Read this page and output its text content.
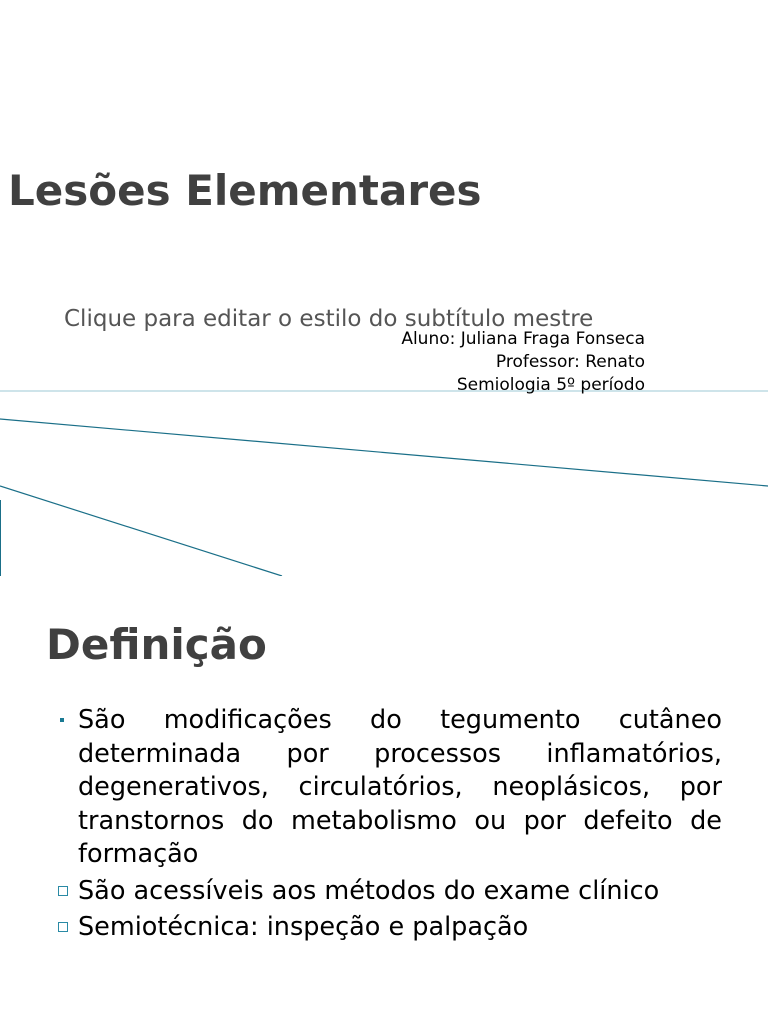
Lesões Elementares
Clique para editar o estilo do subtítulo mestre
Aluno: Juliana Fraga Fonseca
Professor: Renato
Semiologia 5º período
Definição
São modificações do tegumento cutâneo determinada por processos inflamatórios, degenerativos, circulatórios, neoplásicos, por transtornos do metabolismo ou por defeito de formação
São acessíveis aos métodos do exame clínico
Semiotécnica: inspeção e palpação
